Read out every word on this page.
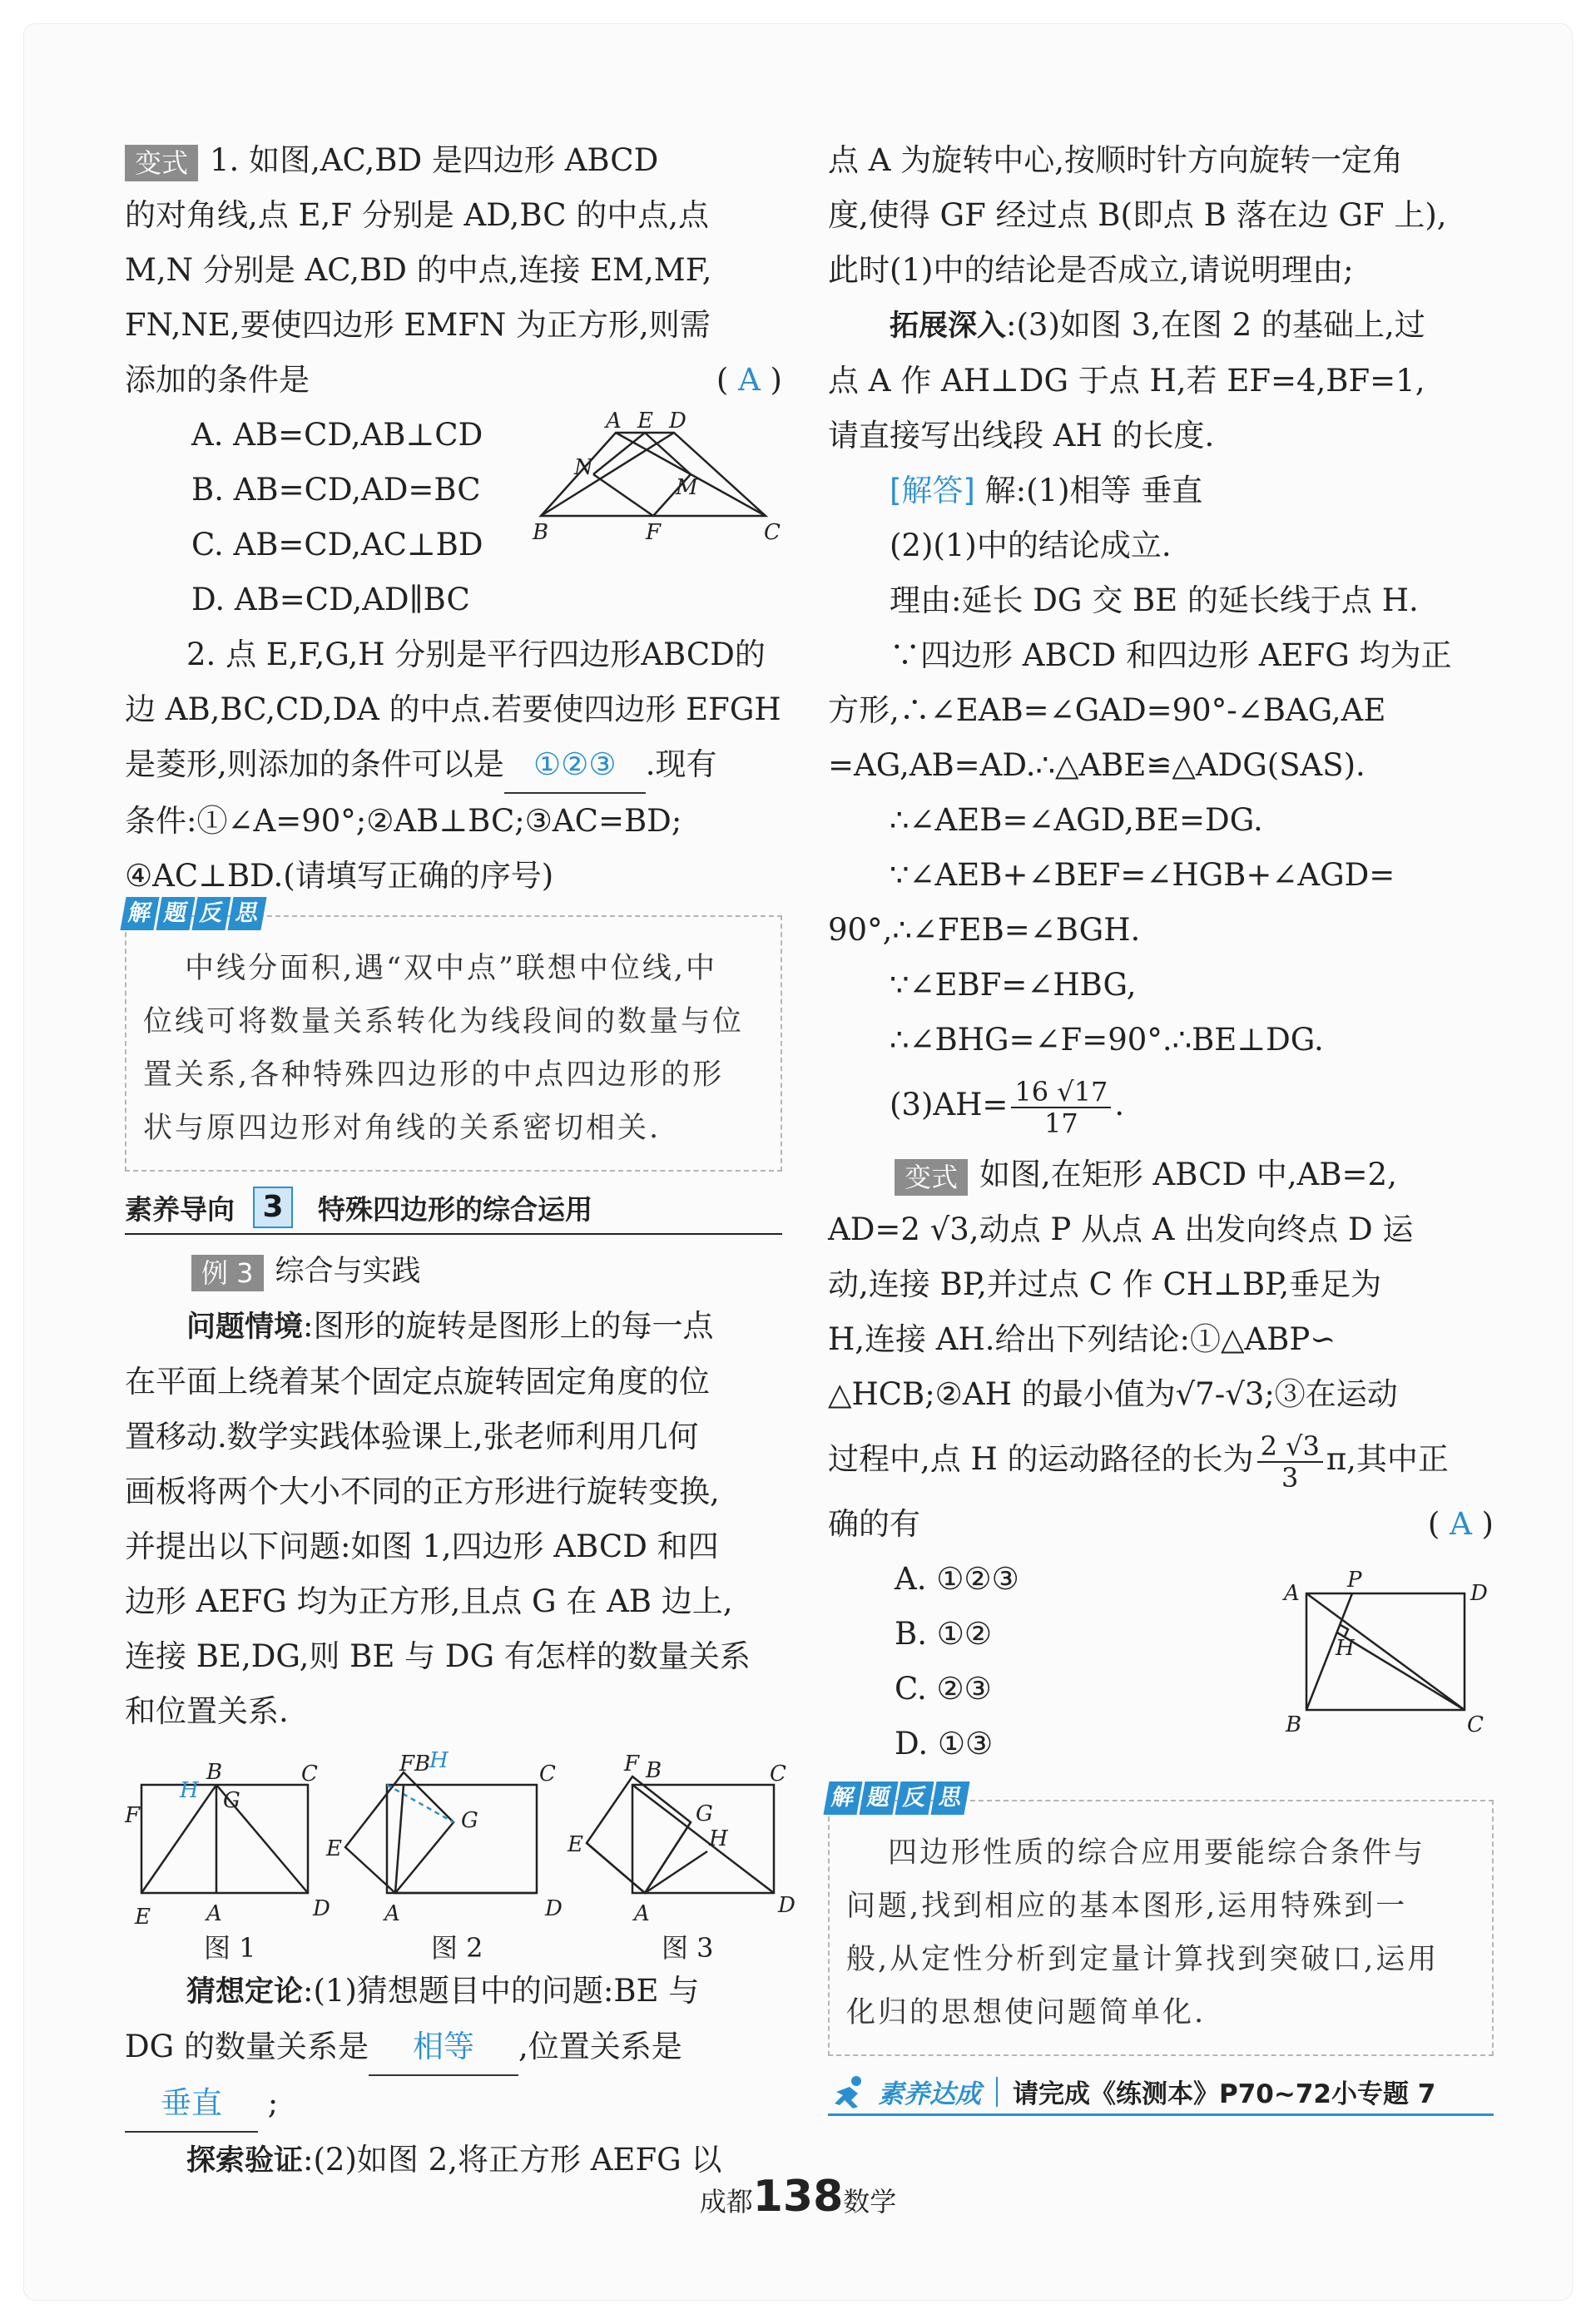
变式 1. 如图,AC,BD 是四边形 ABCD

的对角线,点 E,F 分别是 AD,BC 的中点,点

M,N 分别是 AC,BD 的中点,连接 EM,MF,

FN,NE,要使四边形 EMFN 为正方形,则需

添加的条件是	( A )

A. AB=CD,AB⊥CD

B. AB=CD,AD=BC

C. AB=CD,AC⊥BD

D. AB=CD,AD∥BC

A E D
N
M
B	F	C

2. 点 E,F,G,H 分别是平行四边形ABCD的

边 AB,BC,CD,DA 的中点.若要使四边形 EFGH

是菱形,则添加的条件可以是 ①②③ .现有

条件:①∠A=90°;②AB⊥BC;③AC=BD;

④AC⊥BD.(请填写正确的序号)

解 题 反 思

中线分面积,遇“双中点”联想中位线,中

位线可将数量关系转化为线段间的数量与位

置关系,各种特殊四边形的中点四边形的形

状与原四边形对角线的关系密切相关.

素养导向 3	特殊四边形的综合运用

例 3 综合与实践

问题情境:图形的旋转是图形上的每一点

在平面上绕着某个固定点旋转固定角度的位

置移动.数学实践体验课上,张老师利用几何

画板将两个大小不同的正方形进行旋转变换,

并提出以下问题:如图 1,四边形 ABCD 和四

边形 AEFG 均为正方形,且点 G 在 AB 边上,

连接 BE,DG,则 BE 与 DG 有怎样的数量关系

和位置关系.

F
H
B
G
C
E	A	D
F B
H
G
C
E
A	D
F B	C
G
H
E
A	D
图 1	图 2	图 3

猜想定论:(1)猜想题目中的问题:BE 与

DG 的数量关系是 相等 ,位置关系是

垂直 ;

探索验证:(2)如图 2,将正方形 AEFG 以

点 A 为旋转中心,按顺时针方向旋转一定角

度,使得 GF 经过点 B(即点 B 落在边 GF 上),

此时(1)中的结论是否成立,请说明理由;

拓展深入:(3)如图 3,在图 2 的基础上,过

点 A 作 AH⊥DG 于点 H,若 EF=4,BF=1,

请直接写出线段 AH 的长度.

[解答] 解:(1)相等 垂直

(2)(1)中的结论成立.

理由:延长 DG 交 BE 的延长线于点 H.

∵四边形 ABCD 和四边形 AEFG 均为正

方形,∴∠EAB=∠GAD=90°-∠BAG,AE

=AG,AB=AD.∴△ABE≌△ADG(SAS).

∴∠AEB=∠AGD,BE=DG.

∵∠AEB+∠BEF=∠HGB+∠AGD=

90°,∴∠FEB=∠BGH.

∵∠EBF=∠HBG,

∴∠BHG=∠F=90°.∴BE⊥DG.

$(3)AH= \frac{16 √17}{17}$ .

变式 如图,在矩形 ABCD 中,AB=2,

AD=2 √3,动点 P 从点 A 出发向终点 D 运

动,连接 BP,并过点 C 作 CH⊥BP,垂足为

H,连接 AH.给出下列结论:①△ABP∽

△HCB;②AH 的最小值为√7-√3;③在运动

过程中,点 H 的运动路径的长为 $\frac{2 √3}{3} \pi$,其中正

确的有	( A )

A. ①②③

B. ①②

C. ②③

D. ①③

A
P
D
H
B	C
解 题 反 思

四边形性质的综合应用要能综合条件与

问题,找到相应的基本图形,运用特殊到一

般,从定性分析到定量计算找到突破口,运用

化归的思想使问题简单化.

素养达成 请完成《练测本》P70~72小专题 7
成都138数学
